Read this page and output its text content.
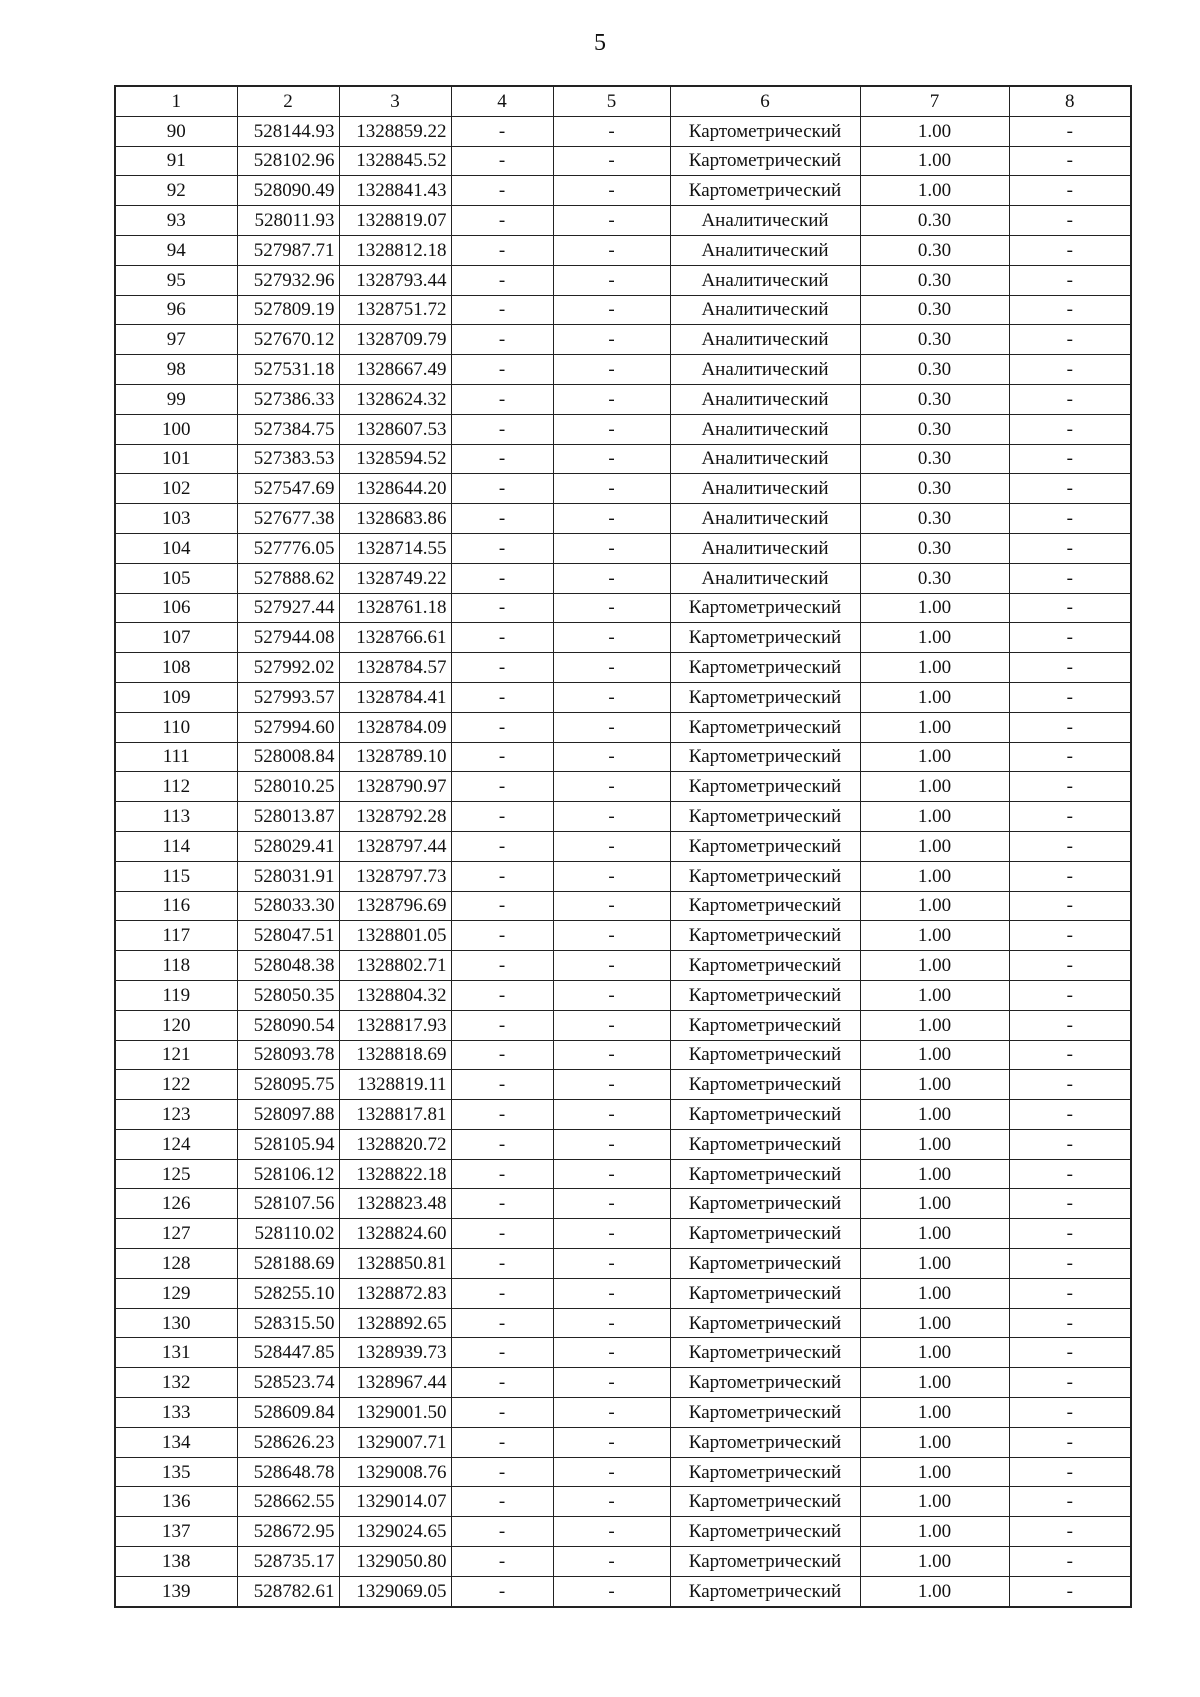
5
1	2	3	4	5	6	7	8
90	528144.93	1328859.22	-	-	Картометрический	1.00	-
91	528102.96	1328845.52	-	-	Картометрический	1.00	-
92	528090.49	1328841.43	-	-	Картометрический	1.00	-
93	528011.93	1328819.07	-	-	Аналитический	0.30	-
94	527987.71	1328812.18	-	-	Аналитический	0.30	-
95	527932.96	1328793.44	-	-	Аналитический	0.30	-
96	527809.19	1328751.72	-	-	Аналитический	0.30	-
97	527670.12	1328709.79	-	-	Аналитический	0.30	-
98	527531.18	1328667.49	-	-	Аналитический	0.30	-
99	527386.33	1328624.32	-	-	Аналитический	0.30	-
100	527384.75	1328607.53	-	-	Аналитический	0.30	-
101	527383.53	1328594.52	-	-	Аналитический	0.30	-
102	527547.69	1328644.20	-	-	Аналитический	0.30	-
103	527677.38	1328683.86	-	-	Аналитический	0.30	-
104	527776.05	1328714.55	-	-	Аналитический	0.30	-
105	527888.62	1328749.22	-	-	Аналитический	0.30	-
106	527927.44	1328761.18	-	-	Картометрический	1.00	-
107	527944.08	1328766.61	-	-	Картометрический	1.00	-
108	527992.02	1328784.57	-	-	Картометрический	1.00	-
109	527993.57	1328784.41	-	-	Картометрический	1.00	-
110	527994.60	1328784.09	-	-	Картометрический	1.00	-
111	528008.84	1328789.10	-	-	Картометрический	1.00	-
112	528010.25	1328790.97	-	-	Картометрический	1.00	-
113	528013.87	1328792.28	-	-	Картометрический	1.00	-
114	528029.41	1328797.44	-	-	Картометрический	1.00	-
115	528031.91	1328797.73	-	-	Картометрический	1.00	-
116	528033.30	1328796.69	-	-	Картометрический	1.00	-
117	528047.51	1328801.05	-	-	Картометрический	1.00	-
118	528048.38	1328802.71	-	-	Картометрический	1.00	-
119	528050.35	1328804.32	-	-	Картометрический	1.00	-
120	528090.54	1328817.93	-	-	Картометрический	1.00	-
121	528093.78	1328818.69	-	-	Картометрический	1.00	-
122	528095.75	1328819.11	-	-	Картометрический	1.00	-
123	528097.88	1328817.81	-	-	Картометрический	1.00	-
124	528105.94	1328820.72	-	-	Картометрический	1.00	-
125	528106.12	1328822.18	-	-	Картометрический	1.00	-
126	528107.56	1328823.48	-	-	Картометрический	1.00	-
127	528110.02	1328824.60	-	-	Картометрический	1.00	-
128	528188.69	1328850.81	-	-	Картометрический	1.00	-
129	528255.10	1328872.83	-	-	Картометрический	1.00	-
130	528315.50	1328892.65	-	-	Картометрический	1.00	-
131	528447.85	1328939.73	-	-	Картометрический	1.00	-
132	528523.74	1328967.44	-	-	Картометрический	1.00	-
133	528609.84	1329001.50	-	-	Картометрический	1.00	-
134	528626.23	1329007.71	-	-	Картометрический	1.00	-
135	528648.78	1329008.76	-	-	Картометрический	1.00	-
136	528662.55	1329014.07	-	-	Картометрический	1.00	-
137	528672.95	1329024.65	-	-	Картометрический	1.00	-
138	528735.17	1329050.80	-	-	Картометрический	1.00	-
139	528782.61	1329069.05	-	-	Картометрический	1.00	-
